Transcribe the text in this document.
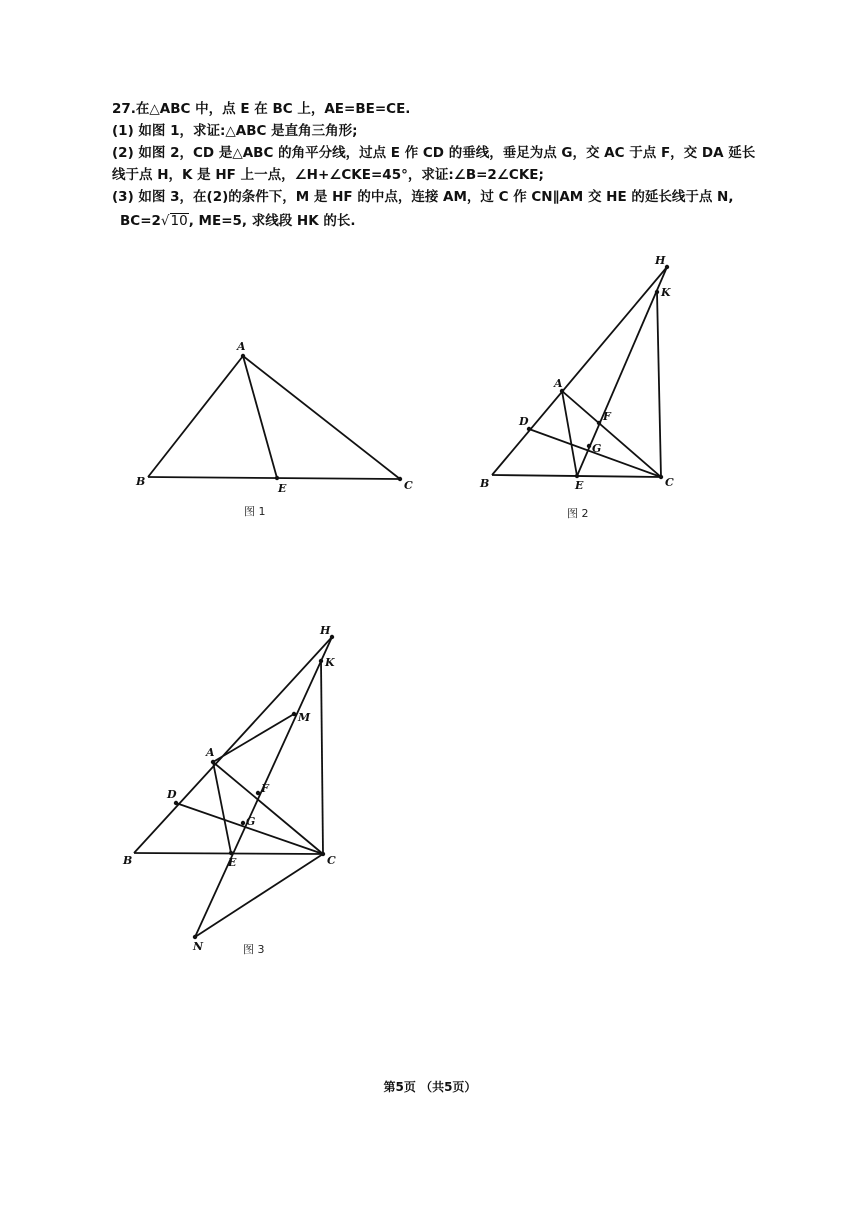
27.在△ABC 中，点 E 在 BC 上，AE=BE=CE.

(1) 如图 1，求证:△ABC 是直角三角形;

(2) 如图 2，CD 是△ABC 的角平分线，过点 E 作 CD 的垂线，垂足为点 G，交 AC 于点 F，交 DA 延长

线于点 H，K 是 HF 上一点，∠H+∠CKE=45°，求证:∠B=2∠CKE;

(3) 如图 3，在(2)的条件下，M 是 HF 的中点，连接 AM，过 C 作 CN∥AM 交 HE 的延长线于点 N,

BC=2√10, ME=5, 求线段 HK 的长.

A
B	C
E
图 1
H
K
A
D	F
G
B	E	C
图 2
H
K
M
A
D	F
G
B	E	C
N	图 3
第5页 （共5页）
